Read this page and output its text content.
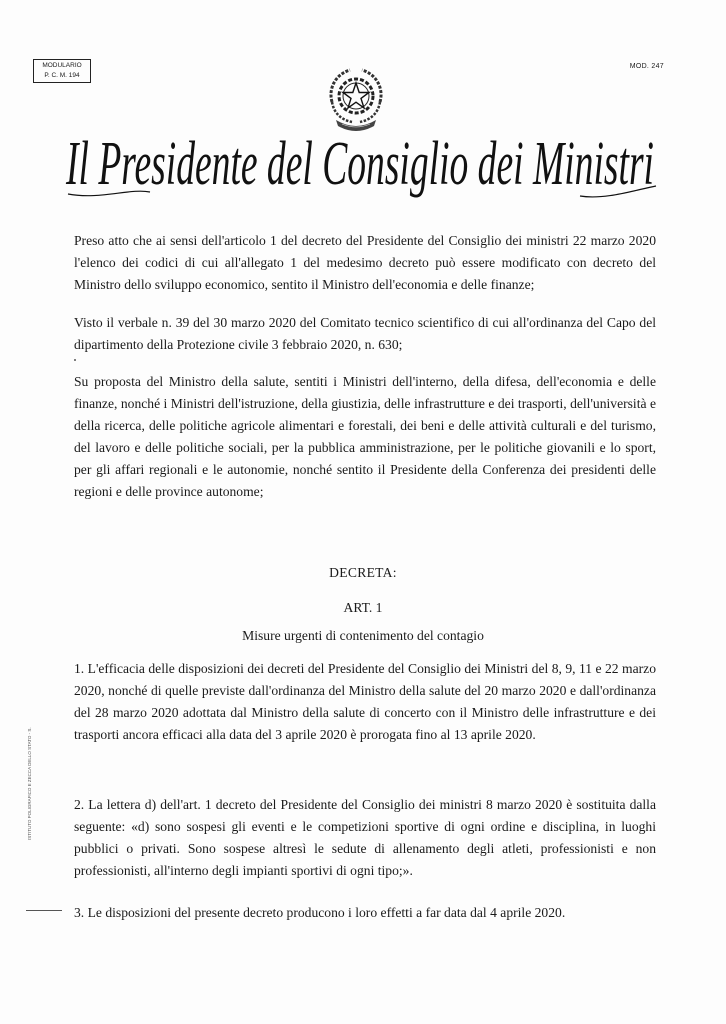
MODULARIO
P. C. M. 194
MOD. 247
Il Presidente del Consiglio dei Ministri

Preso atto che ai sensi dell'articolo 1 del decreto del Presidente del Consiglio dei ministri 22 marzo 2020 l'elenco dei codici di cui all'allegato 1 del medesimo decreto può essere modificato con decreto del Ministro dello sviluppo economico, sentito il Ministro dell'economia e delle finanze;

Visto il verbale n. 39 del 30 marzo 2020 del Comitato tecnico scientifico di cui all'ordinanza del Capo del dipartimento della Protezione civile 3 febbraio 2020, n. 630;

Su proposta del Ministro della salute, sentiti i Ministri dell'interno, della difesa, dell'economia e delle finanze, nonché i Ministri dell'istruzione, della giustizia, delle infrastrutture e dei trasporti, dell'università e della ricerca, delle politiche agricole alimentari e forestali, dei beni e delle attività culturali e del turismo, del lavoro e delle politiche sociali, per la pubblica amministrazione, per le politiche giovanili e lo sport, per gli affari regionali e le autonomie, nonché sentito il Presidente della Conferenza dei presidenti delle regioni e delle province autonome;

DECRETA:
ART. 1
Misure urgenti di contenimento del contagio

1. L'efficacia delle disposizioni dei decreti del Presidente del Consiglio dei Ministri del 8, 9, 11 e 22 marzo 2020, nonché di quelle previste dall'ordinanza del Ministro della salute del 20 marzo 2020 e dall'ordinanza del 28 marzo 2020 adottata dal Ministro della salute di concerto con il Ministro delle infrastrutture e dei trasporti ancora efficaci alla data del 3 aprile 2020 è prorogata fino al 13 aprile 2020.

2. La lettera d) dell'art. 1 decreto del Presidente del Consiglio dei ministri 8 marzo 2020 è sostituita dalla seguente: «d) sono sospesi gli eventi e le competizioni sportive di ogni ordine e disciplina, in luoghi pubblici o privati. Sono sospese altresì le sedute di allenamento degli atleti, professionisti e non professionisti, all'interno degli impianti sportivi di ogni tipo;».

3. Le disposizioni del presente decreto producono i loro effetti a far data dal 4 aprile 2020.

ISTITUTO POLIGRAFICO E ZECCA DELLO STATO - S.
